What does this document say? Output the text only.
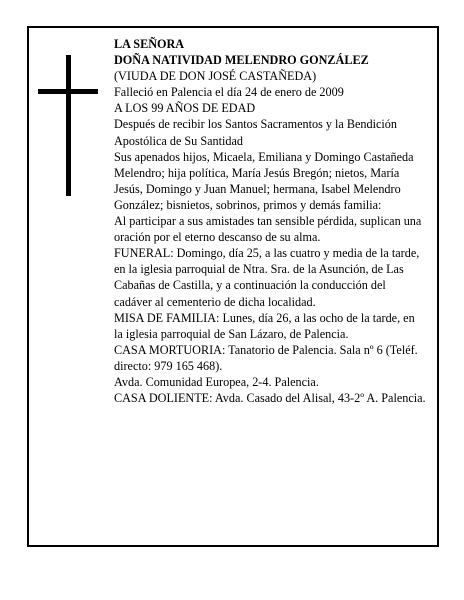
LA SEÑORA

DOÑA NATIVIDAD MELENDRO GONZÁLEZ

(VIUDA DE DON JOSÉ CASTAÑEDA)

Falleció en Palencia el día 24 de enero de 2009

A LOS 99 AÑOS DE EDAD

Después de recibir los Santos Sacramentos y la Bendición Apostólica de Su Santidad

Sus apenados hijos, Micaela, Emiliana y Domingo Castañeda Melendro; hija política, María Jesús Bregón; nietos, María Jesús, Domingo y Juan Manuel; hermana, Isabel Melendro González; bisnietos, sobrinos, primos y demás familia:

Al participar a sus amistades tan sensible pérdida, suplican una oración por el eterno descanso de su alma.

FUNERAL: Domingo, día 25, a las cuatro y media de la tarde, en la iglesia parroquial de Ntra. Sra. de la Asunción, de Las Cabañas de Castilla, y a continuación la conducción del cadáver al cementerio de dicha localidad.

MISA DE FAMILIA: Lunes, día 26, a las ocho de la tarde, en la iglesia parroquial de San Lázaro, de Palencia.

CASA MORTUORIA: Tanatorio de Palencia. Sala nº 6 (Teléf. directo: 979 165 468).

Avda. Comunidad Europea, 2-4. Palencia.

CASA DOLIENTE: Avda. Casado del Alisal, 43-2º A. Palencia.
